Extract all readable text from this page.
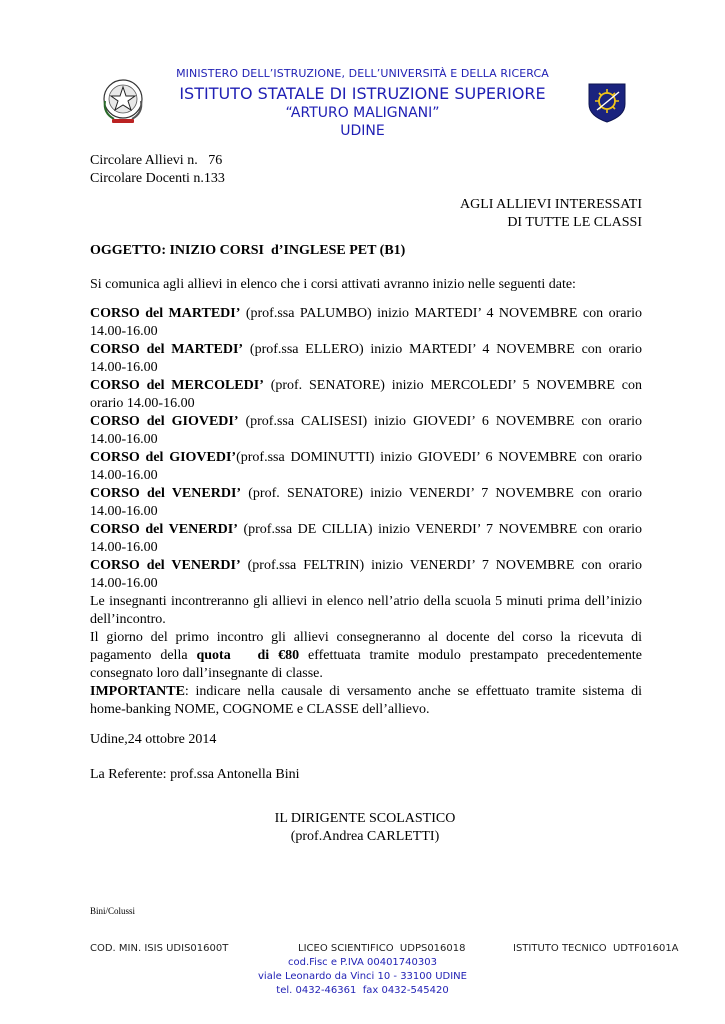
MINISTERO DELL’ISTRUZIONE, DELL’UNIVERSITÀ E DELLA RICERCA
ISTITUTO STATALE DI ISTRUZIONE SUPERIORE
“ARTURO MALIGNANI”
UDINE
Circolare Allievi n.   76
Circolare Docenti n.133
AGLI ALLIEVI INTERESSATI
DI TUTTE LE CLASSI
OGGETTO: INIZIO CORSI  d’INGLESE PET (B1)
Si comunica agli allievi in elenco che i corsi attivati avranno inizio nelle seguenti date:

CORSO del MARTEDI’ (prof.ssa PALUMBO) inizio MARTEDI’ 4 NOVEMBRE con orario 14.00-16.00

CORSO del MARTEDI’ (prof.ssa ELLERO) inizio MARTEDI’ 4 NOVEMBRE con orario 14.00-16.00

CORSO del MERCOLEDI’ (prof. SENATORE) inizio MERCOLEDI’ 5 NOVEMBRE con orario 14.00-16.00

CORSO del GIOVEDI’ (prof.ssa CALISESI) inizio GIOVEDI’ 6 NOVEMBRE con orario 14.00-16.00

CORSO del GIOVEDI’(prof.ssa DOMINUTTI) inizio GIOVEDI’ 6 NOVEMBRE con orario 14.00-16.00

CORSO del VENERDI’ (prof. SENATORE) inizio VENERDI’ 7 NOVEMBRE con orario 14.00-16.00

CORSO del VENERDI’ (prof.ssa DE CILLIA) inizio VENERDI’ 7 NOVEMBRE con orario 14.00-16.00

CORSO del VENERDI’ (prof.ssa FELTRIN) inizio VENERDI’ 7 NOVEMBRE con orario 14.00-16.00

Le insegnanti incontreranno gli allievi in elenco nell’atrio della scuola 5 minuti prima dell’inizio dell’incontro.

Il giorno del primo incontro gli allievi consegneranno al docente del corso la ricevuta di pagamento della quota   di €80 effettuata tramite modulo prestampato precedentemente consegnato loro dall’insegnante di classe.

IMPORTANTE: indicare nella causale di versamento anche se effettuato tramite sistema di home-banking NOME, COGNOME e CLASSE dell’allievo.

Udine,24 ottobre 2014
La Referente: prof.ssa Antonella Bini
IL DIRIGENTE SCOLASTICO
(prof.Andrea CARLETTI)
Bini/Colussi
COD. MIN. ISIS UDIS01600T	LICEO SCIENTIFICO  UDPS016018	ISTITUTO TECNICO  UDTF01601A
cod.Fisc e P.IVA 00401740303
viale Leonardo da Vinci 10 - 33100 UDINE
tel. 0432-46361  fax 0432-545420
